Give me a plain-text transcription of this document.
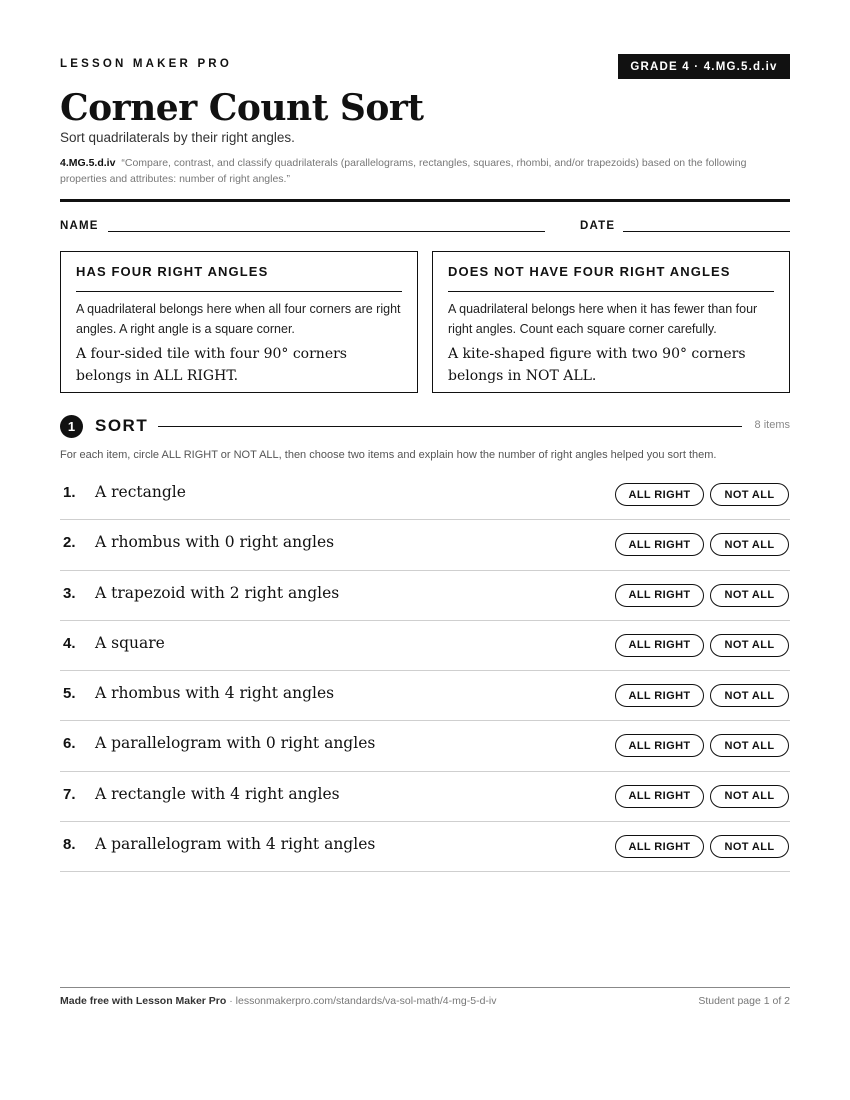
LESSON MAKER PRO	GRADE 4 · 4.MG.5.d.iv
Corner Count Sort
Sort quadrilaterals by their right angles.
4.MG.5.d.iv “Compare, contrast, and classify quadrilaterals (parallelograms, rectangles, squares, rhombi, and/or trapezoids) based on the following properties and attributes: number of right angles.”
NAME	DATE
HAS FOUR RIGHT ANGLES
A quadrilateral belongs here when all four corners are right angles. A right angle is a square corner.
A four-sided tile with four 90° corners belongs in ALL RIGHT.
DOES NOT HAVE FOUR RIGHT ANGLES
A quadrilateral belongs here when it has fewer than four right angles. Count each square corner carefully.
A kite-shaped figure with two 90° corners belongs in NOT ALL.
1	SORT	8 items
For each item, circle ALL RIGHT or NOT ALL, then choose two items and explain how the number of right angles helped you sort them.
1. A rectangle	ALL RIGHT	NOT ALL
2. A rhombus with 0 right angles	ALL RIGHT	NOT ALL
3. A trapezoid with 2 right angles	ALL RIGHT	NOT ALL
4. A square	ALL RIGHT	NOT ALL
5. A rhombus with 4 right angles	ALL RIGHT	NOT ALL
6. A parallelogram with 0 right angles	ALL RIGHT	NOT ALL
7. A rectangle with 4 right angles	ALL RIGHT	NOT ALL
8. A parallelogram with 4 right angles	ALL RIGHT	NOT ALL
Made free with Lesson Maker Pro · lessonmakerpro.com/standards/va-sol-math/4-mg-5-d-iv	Student page 1 of 2
